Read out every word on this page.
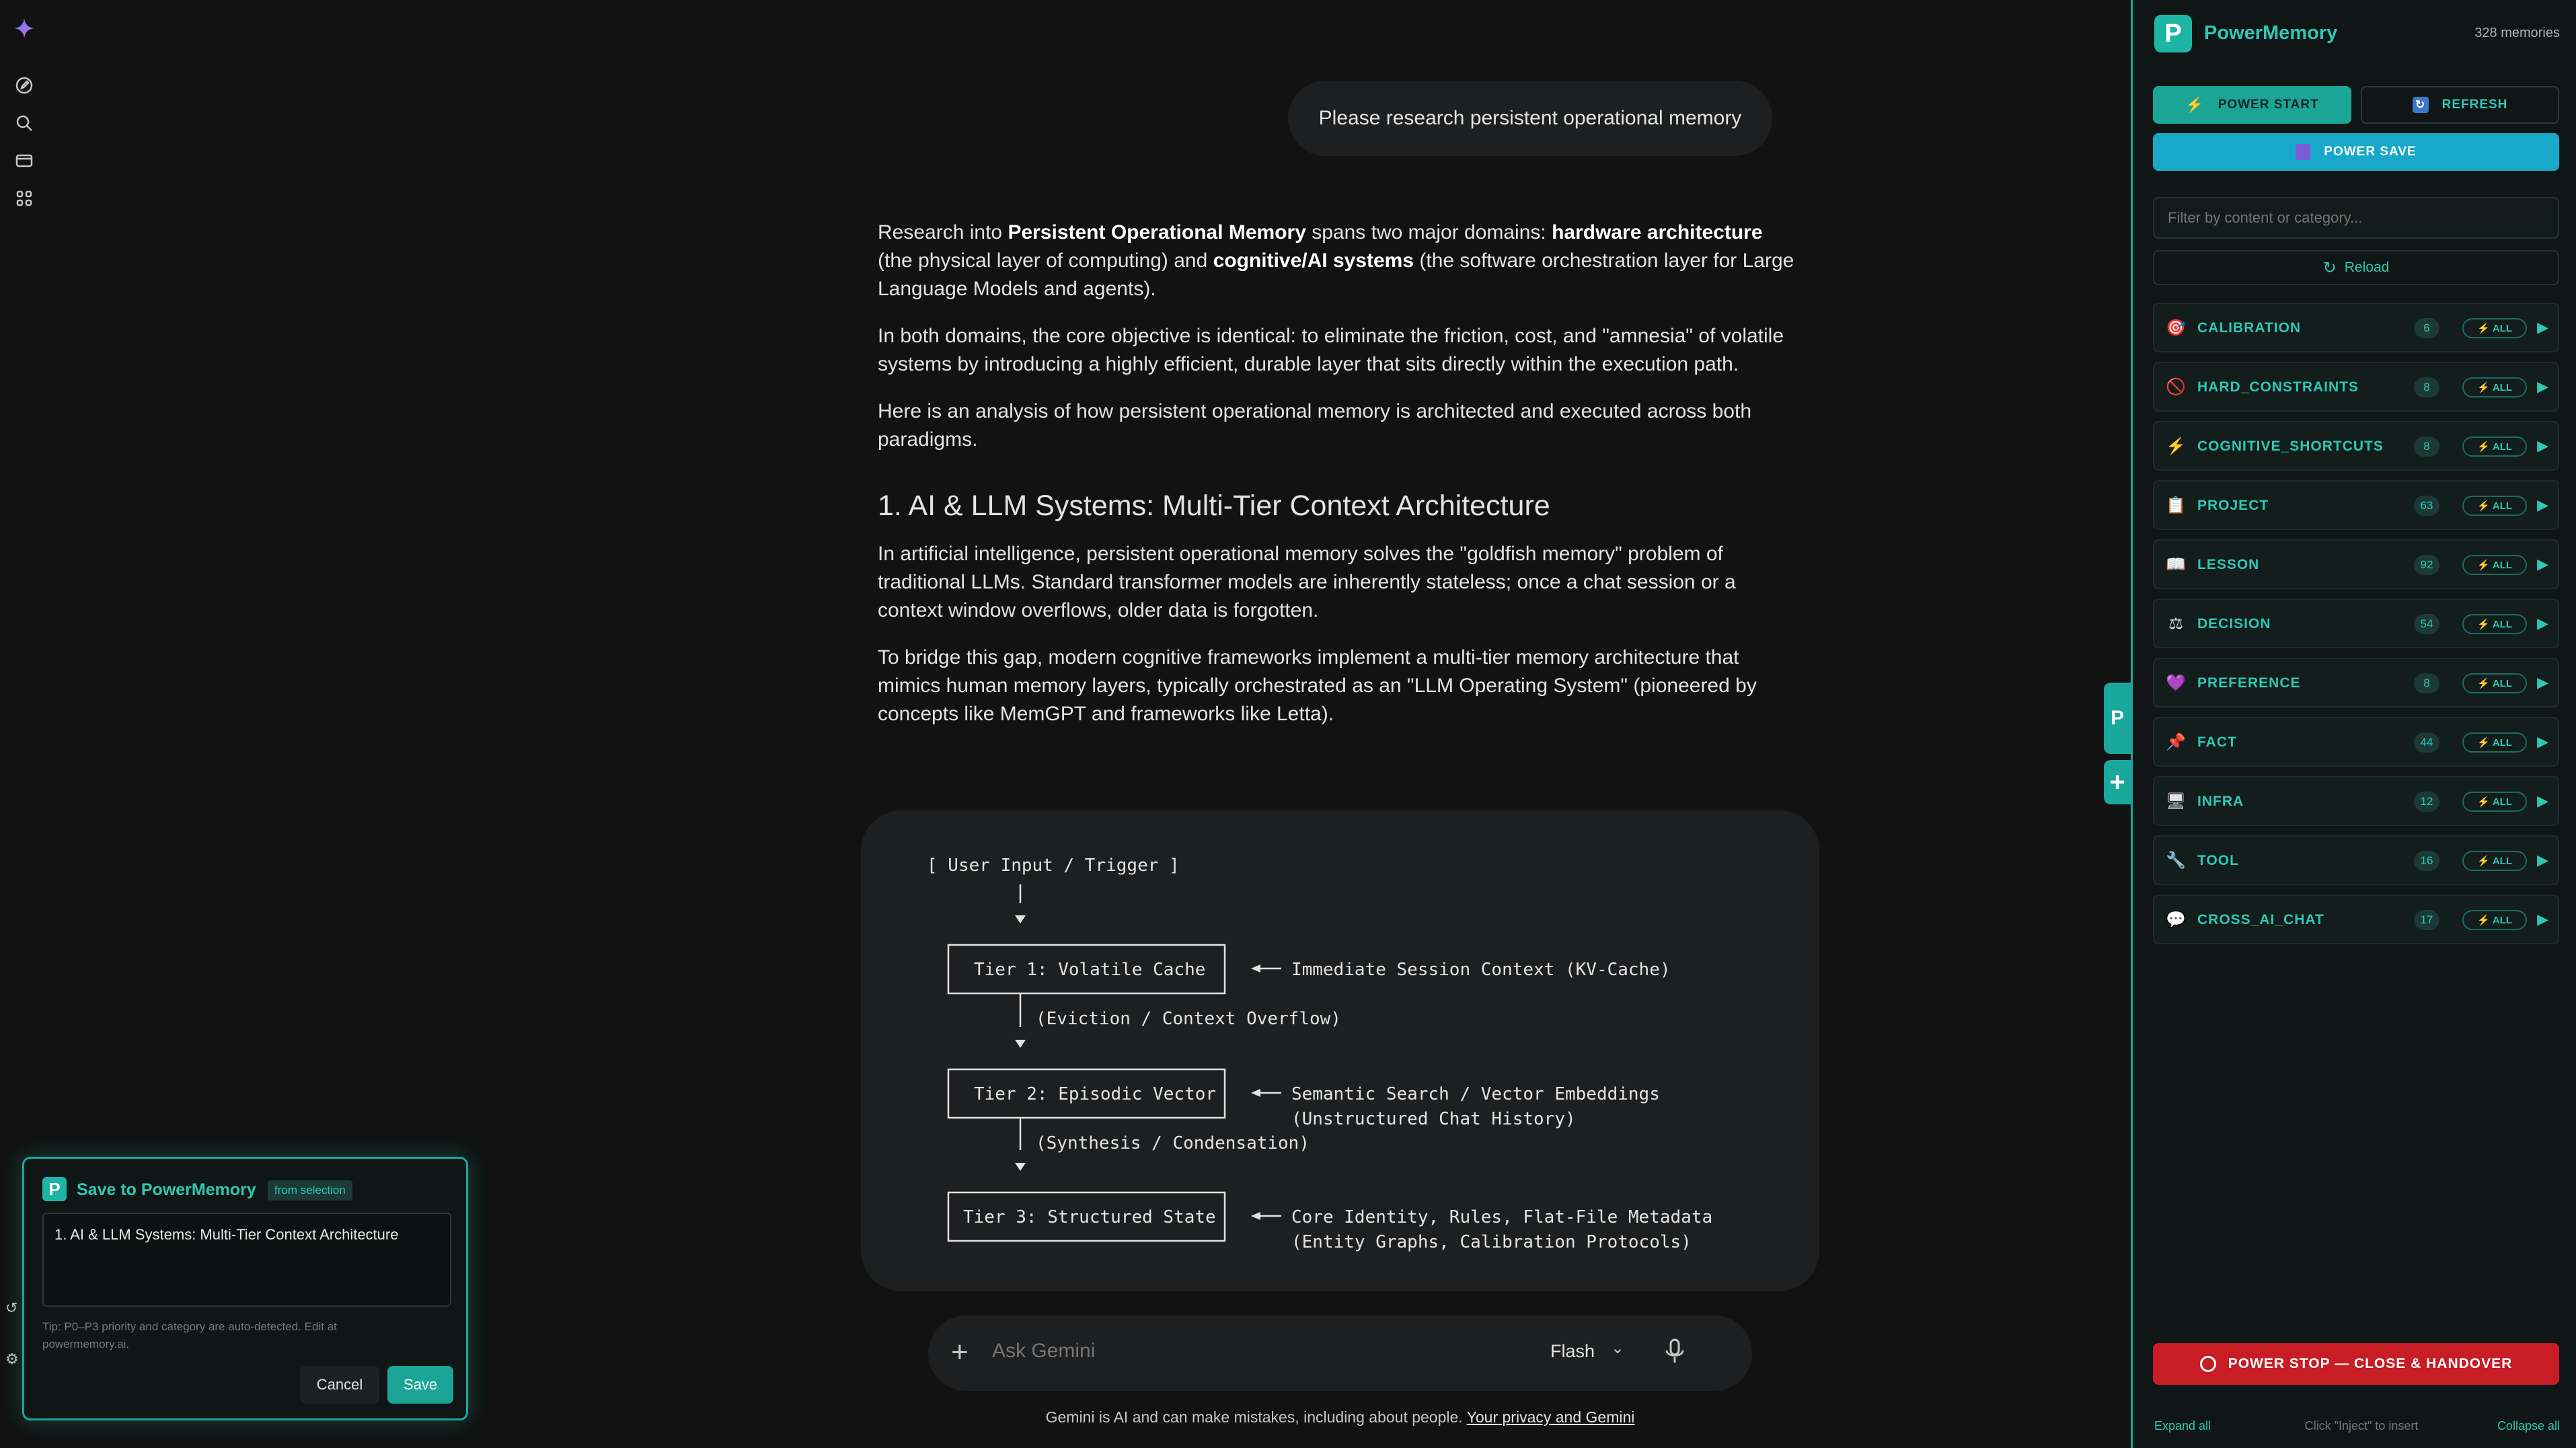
Please research persistent operational memory

Research into Persistent Operational Memory spans two major domains: hardware architecture (the physical layer of computing) and cognitive/AI systems (the software orchestration layer for Large Language Models and agents).

In both domains, the core objective is identical: to eliminate the friction, cost, and "amnesia" of volatile systems by introducing a highly efficient, durable layer that sits directly within the execution path.

Here is an analysis of how persistent operational memory is architected and executed across both paradigms.

1. AI & LLM Systems: Multi-Tier Context Architecture

In artificial intelligence, persistent operational memory solves the "goldfish memory" problem of traditional LLMs. Standard transformer models are inherently stateless; once a chat session or a context window overflows, older data is forgotten.

To bridge this gap, modern cognitive frameworks implement a multi-tier memory architecture that mimics human memory layers, typically orchestrated as an "LLM Operating System" (pioneered by concepts like MemGPT and frameworks like Letta).

[ User Input / Trigger ]
Tier 1: Volatile Cache	Immediate Session Context (KV-Cache)
(Eviction / Context Overflow)
Tier 2: Episodic Vector	Semantic Search / Vector Embeddings
(Unstructured Chat History)
(Synthesis / Condensation)
Tier 3: Structured State	Core Identity, Rules, Flat-File Metadata
(Entity Graphs, Calibration Protocols)
+
Ask Gemini	Flash ⌄
Gemini is AI and can make mistakes, including about people. Your privacy and Gemini
P
+
P	PowerMemory	328 memories
⚡ POWER START	↻ REFRESH
POWER SAVE
Filter by content or category...
↻ Reload
🎯 CALIBRATION	6	⚡ ALL ▶
🚫 HARD_CONSTRAINTS	8	⚡ ALL ▶
⚡ COGNITIVE_SHORTCUTS	8	⚡ ALL ▶
📋 PROJECT	63	⚡ ALL ▶
📖 LESSON	92	⚡ ALL ▶
⚖ DECISION	54	⚡ ALL ▶
💜 PREFERENCE	8	⚡ ALL ▶
📌 FACT	44	⚡ ALL ▶
🖥 INFRA	12	⚡ ALL ▶
🔧 TOOL	16	⚡ ALL ▶
💬 CROSS_AI_CHAT	17	⚡ ALL ▶
POWER STOP — CLOSE & HANDOVER
Expand all	Click "Inject" to insert	Collapse all
↺
⚙
P Save to PowerMemory	from selection
1. AI & LLM Systems: Multi-Tier Context Architecture
Tip: P0–P3 priority and category are auto-detected. Edit at powermemory.ai.
Cancel	Save
